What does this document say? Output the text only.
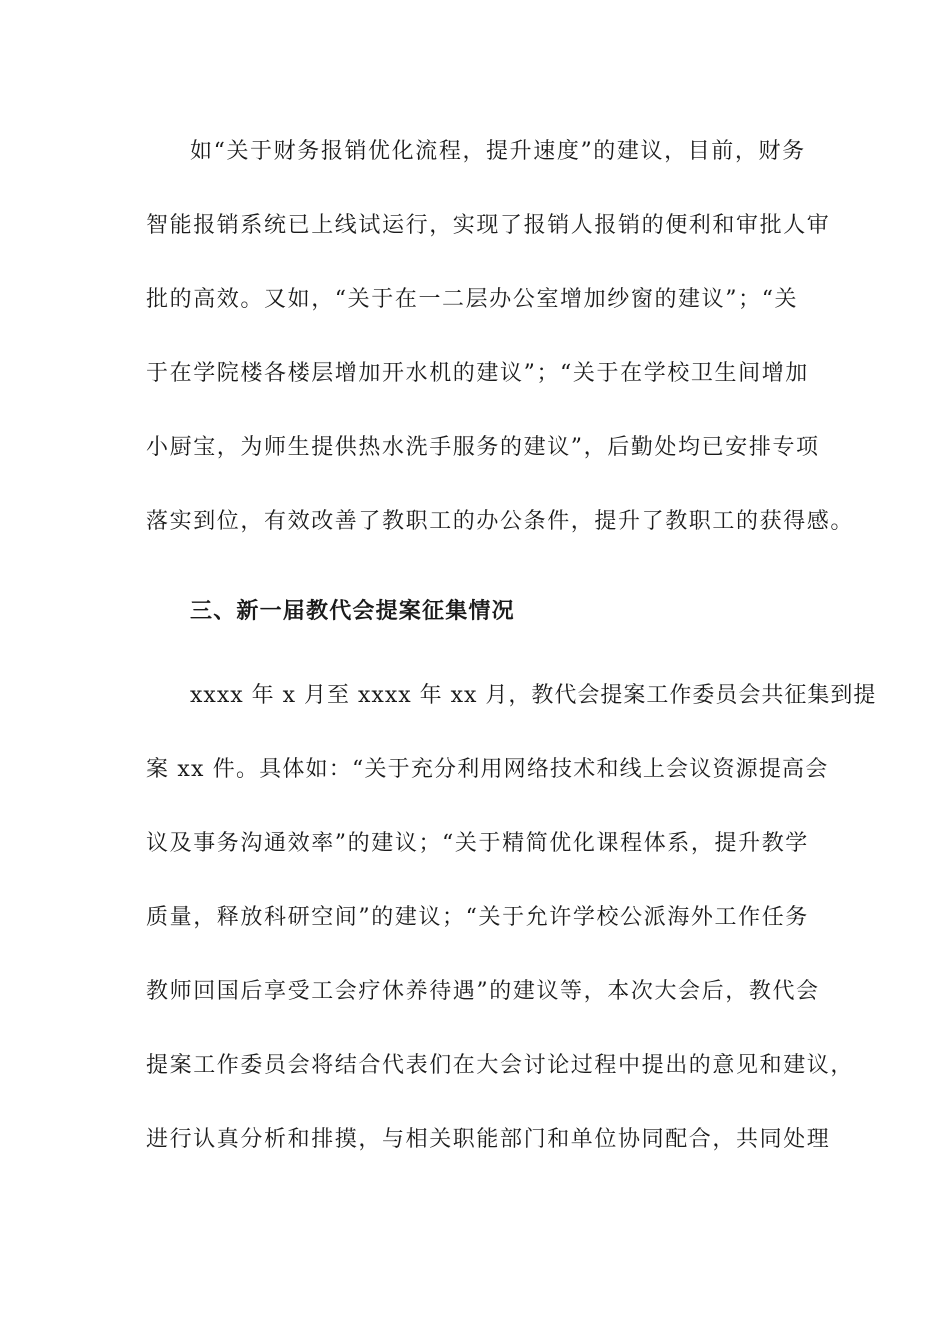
如“关于财务报销优化流程，提升速度”的建议，目前，财务
智能报销系统已上线试运行，实现了报销人报销的便利和审批人审
批的高效。又如，“关于在一二层办公室增加纱窗的建议”；“关
于在学院楼各楼层增加开水机的建议”；“关于在学校卫生间增加
小厨宝，为师生提供热水洗手服务的建议”，后勤处均已安排专项
落实到位，有效改善了教职工的办公条件，提升了教职工的获得感。
三、新一届教代会提案征集情况
xxxx 年 x 月至 xxxx 年 xx 月，教代会提案工作委员会共征集到提
案 xx 件。具体如：“关于充分利用网络技术和线上会议资源提高会
议及事务沟通效率”的建议；“关于精简优化课程体系，提升教学
质量，释放科研空间”的建议；“关于允许学校公派海外工作任务
教师回国后享受工会疗休养待遇”的建议等，本次大会后，教代会
提案工作委员会将结合代表们在大会讨论过程中提出的意见和建议，
进行认真分析和排摸，与相关职能部门和单位协同配合，共同处理
